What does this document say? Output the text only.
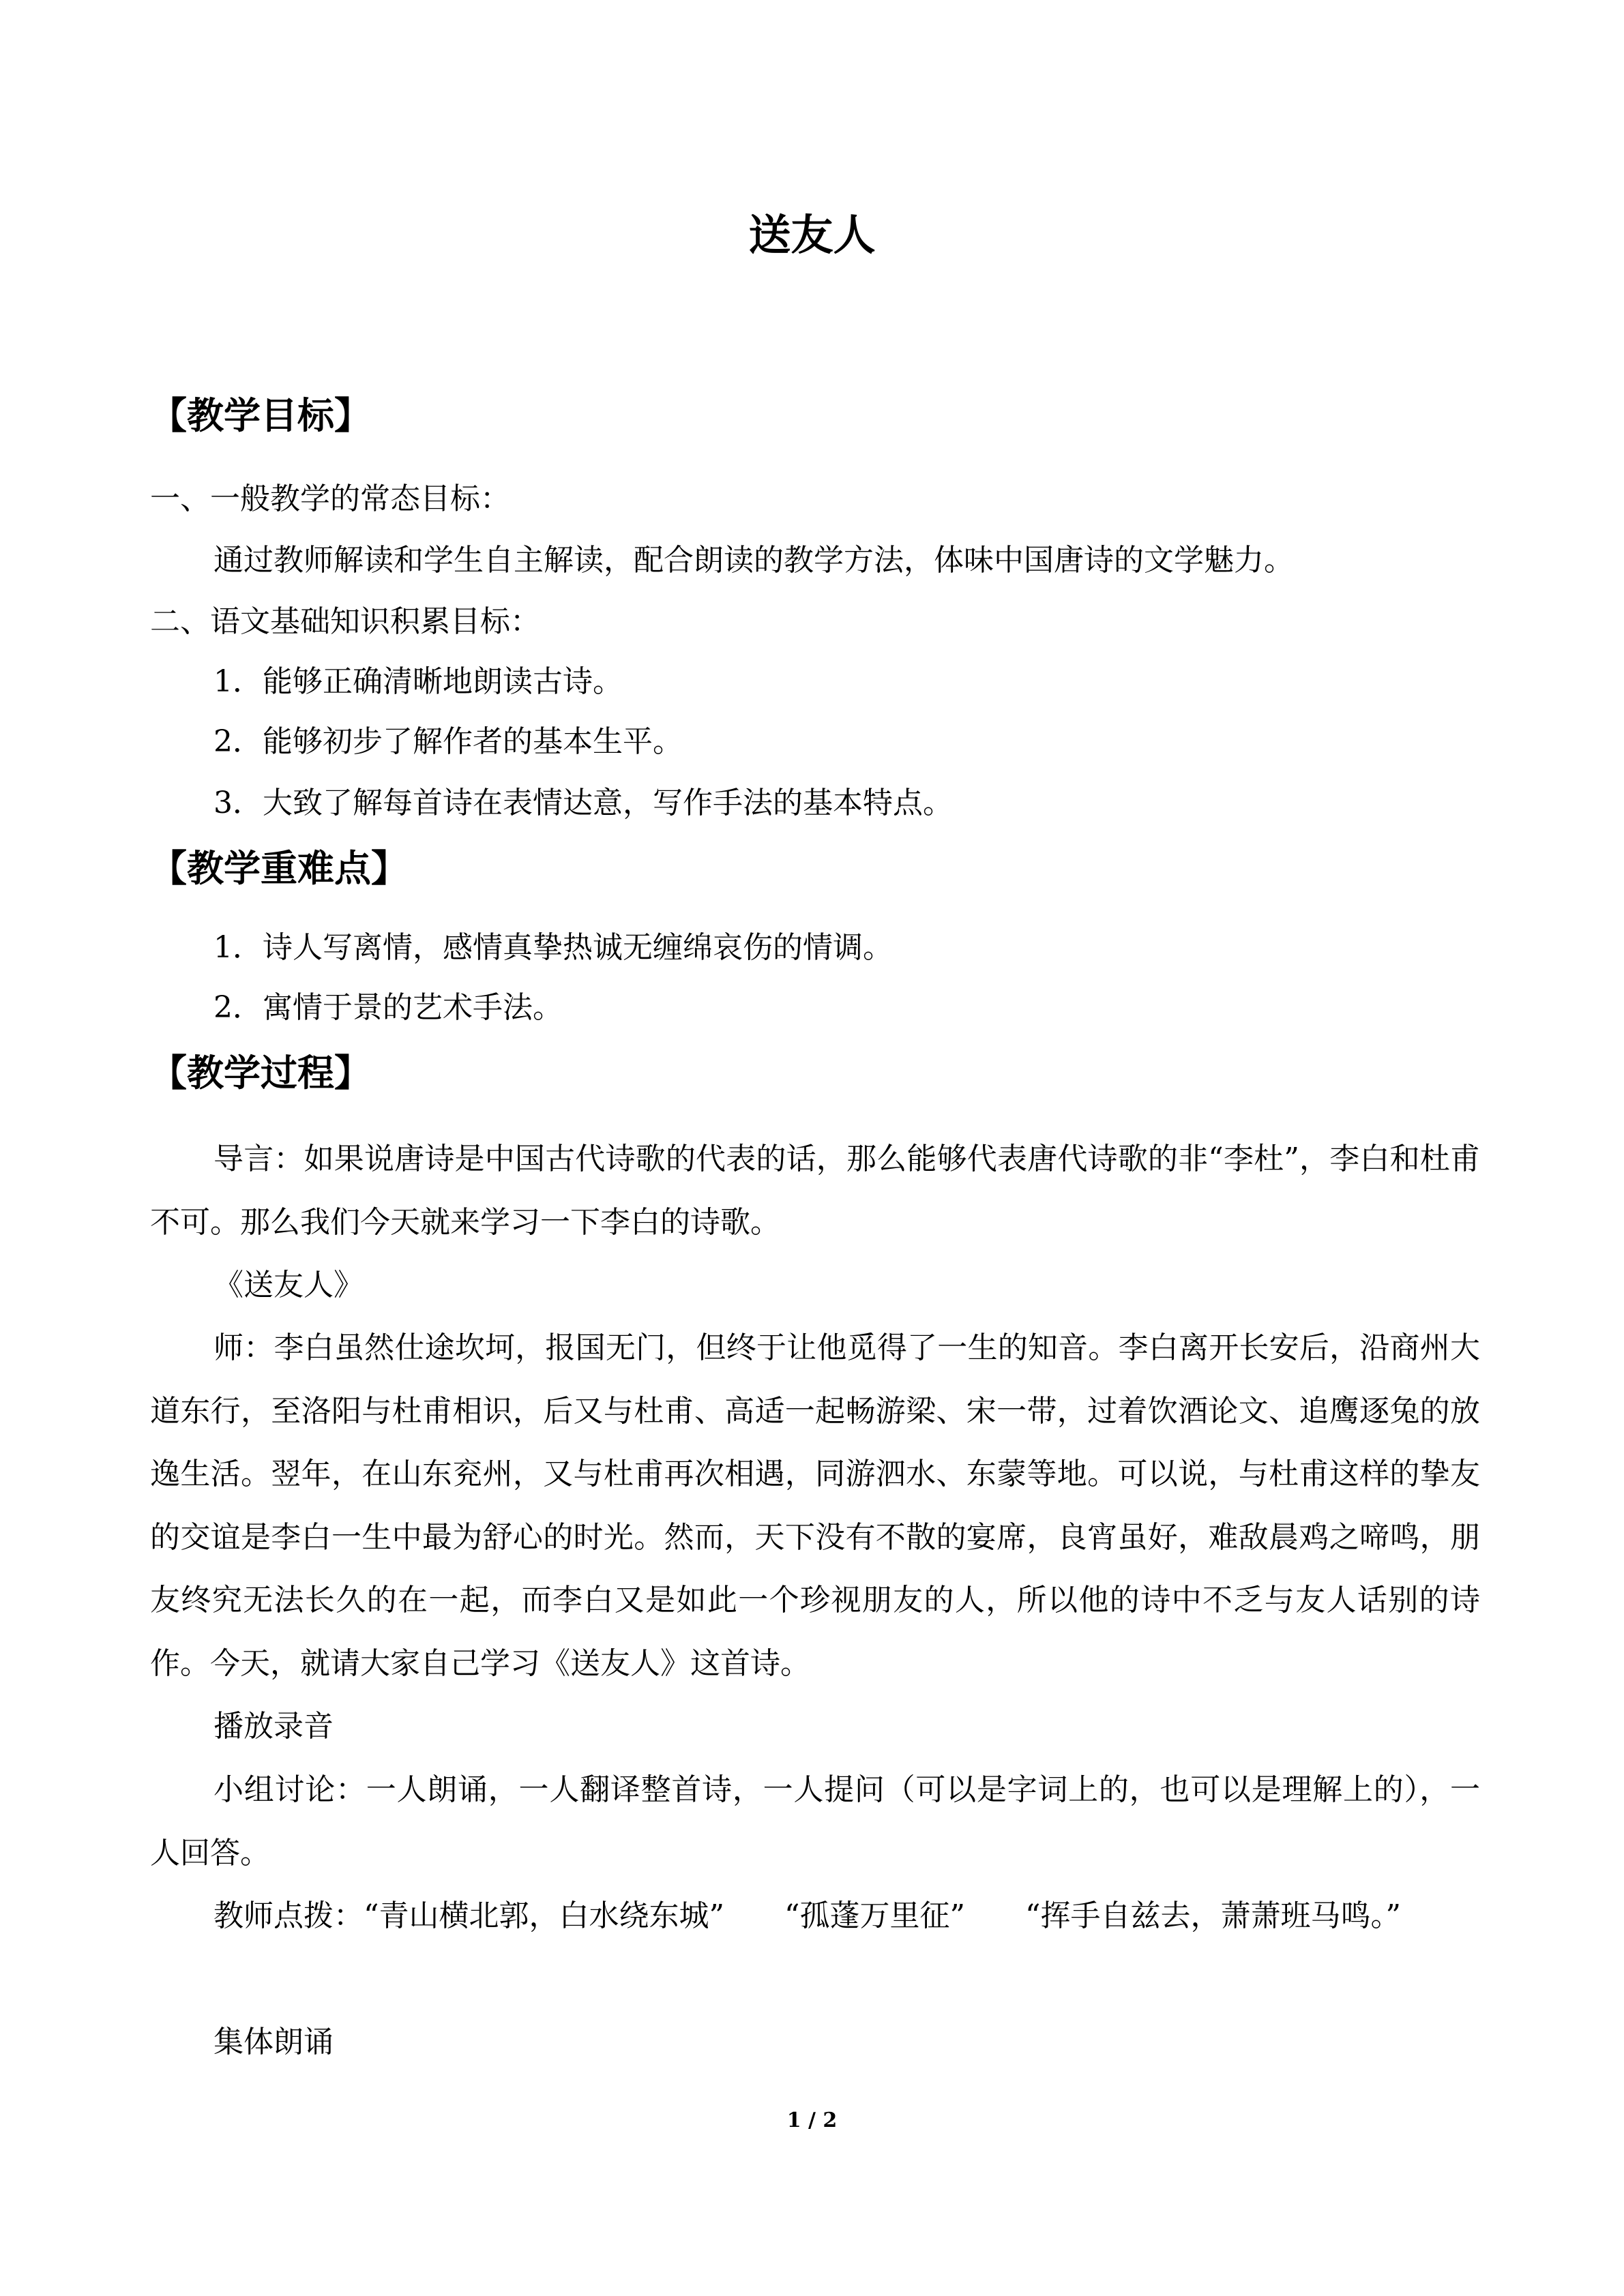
送友人
【教学目标】
一、一般教学的常态目标：
通过教师解读和学生自主解读，配合朗读的教学方法，体味中国唐诗的文学魅力。
二、语文基础知识积累目标：
1．能够正确清晰地朗读古诗。
2．能够初步了解作者的基本生平。
3．大致了解每首诗在表情达意，写作手法的基本特点。
【教学重难点】
1．诗人写离情，感情真挚热诚无缠绵哀伤的情调。
2．寓情于景的艺术手法。
【教学过程】

导言：如果说唐诗是中国古代诗歌的代表的话，那么能够代表唐代诗歌的非“李杜”，李白和杜甫不可。那么我们今天就来学习一下李白的诗歌。

《送友人》

师：李白虽然仕途坎坷，报国无门，但终于让他觅得了一生的知音。李白离开长安后，沿商州大道东行，至洛阳与杜甫相识，后又与杜甫、高适一起畅游梁、宋一带，过着饮酒论文、追鹰逐兔的放逸生活。翌年，在山东兖州，又与杜甫再次相遇，同游泗水、东蒙等地。可以说，与杜甫这样的挚友的交谊是李白一生中最为舒心的时光。然而，天下没有不散的宴席，良宵虽好，难敌晨鸡之啼鸣，朋友终究无法长久的在一起，而李白又是如此一个珍视朋友的人，所以他的诗中不乏与友人话别的诗作。今天，就请大家自己学习《送友人》这首诗。

播放录音

小组讨论：一人朗诵，一人翻译整首诗，一人提问（可以是字词上的，也可以是理解上的），一人回答。

教师点拨：“青山横北郭，白水绕东城”　　“孤蓬万里征”　　“挥手自兹去，萧萧班马鸣。”

集体朗诵

1 / 2
